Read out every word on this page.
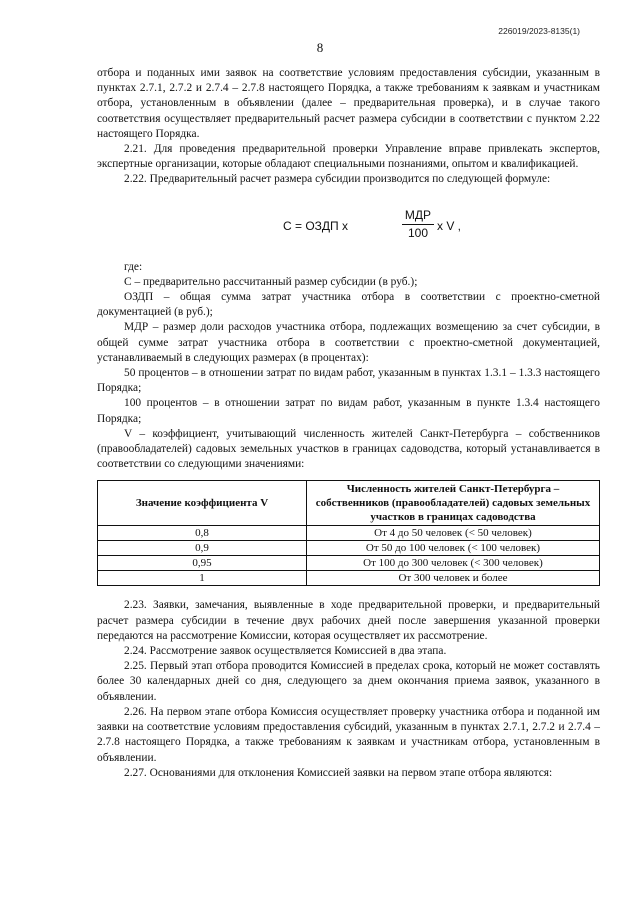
226019/2023-8135(1)
8

отбора и поданных ими заявок на соответствие условиям предоставления субсидии, указанным в пунктах 2.7.1, 2.7.2 и 2.7.4 – 2.7.8 настоящего Порядка, а также требованиям к заявкам и участникам отбора, установленным в объявлении (далее – предварительная проверка), и в случае такого соответствия осуществляет предварительный расчет размера субсидии в соответствии с пунктом 2.22 настоящего Порядка.

2.21. Для проведения предварительной проверки Управление вправе привлекать экспертов, экспертные организации, которые обладают специальными познаниями, опытом и квалификацией.

2.22. Предварительный расчет размера субсидии производится по следующей формуле:

С = ОЗДП x
МДР
100
x V ,

где:

С – предварительно рассчитанный размер субсидии (в руб.);

ОЗДП – общая сумма затрат участника отбора в соответствии с проектно-сметной документацией (в руб.);

МДР – размер доли расходов участника отбора, подлежащих возмещению за счет субсидии, в общей сумме затрат участника отбора в соответствии с проектно-сметной документацией, устанавливаемый в следующих размерах (в процентах):

50 процентов – в отношении затрат по видам работ, указанным в пунктах 1.3.1 – 1.3.3 настоящего Порядка;

100 процентов – в отношении затрат по видам работ, указанным в пункте 1.3.4 настоящего Порядка;

V – коэффициент, учитывающий численность жителей Санкт-Петербурга – собственников (правообладателей) садовых земельных участков в границах садоводства, который устанавливается в соответствии со следующими значениями:

Значение коэффициента V	Численность жителей Санкт-Петербурга – собственников (правообладателей) садовых земельных участков в границах садоводства
0,8	От 4 до 50 человек (< 50 человек)
0,9	От 50 до 100 человек (< 100 человек)
0,95	От 100 до 300 человек (< 300 человек)
1	От 300 человек и более

2.23. Заявки, замечания, выявленные в ходе предварительной проверки, и предварительный расчет размера субсидии в течение двух рабочих дней после завершения указанной проверки передаются на рассмотрение Комиссии, которая осуществляет их рассмотрение.

2.24. Рассмотрение заявок осуществляется Комиссией в два этапа.

2.25. Первый этап отбора проводится Комиссией в пределах срока, который не может составлять более 30 календарных дней со дня, следующего за днем окончания приема заявок, указанного в объявлении.

2.26. На первом этапе отбора Комиссия осуществляет проверку участника отбора и поданной им заявки на соответствие условиям предоставления субсидий, указанным в пунктах 2.7.1, 2.7.2 и 2.7.4 – 2.7.8 настоящего Порядка, а также требованиям к заявкам и участникам отбора, установленным в объявлении.

2.27. Основаниями для отклонения Комиссией заявки на первом этапе отбора являются:
